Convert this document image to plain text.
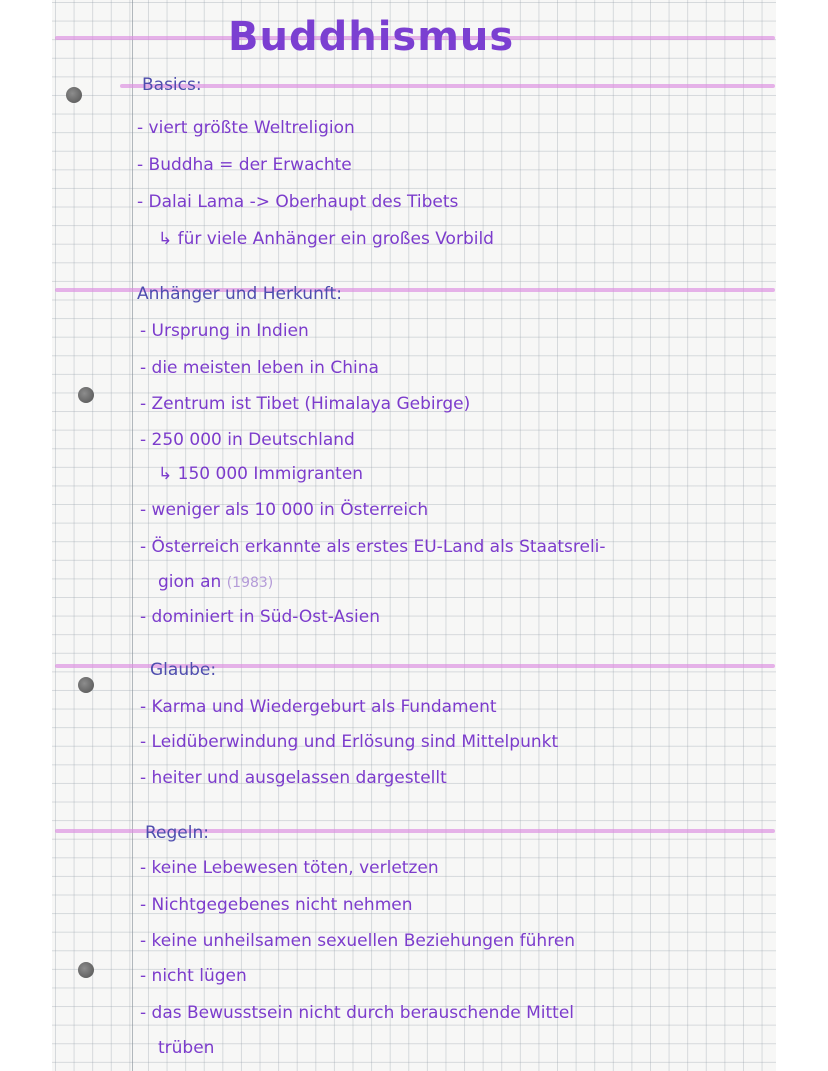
Buddhismus
Basics:
- viert größte Weltreligion
- Buddha = der Erwachte
- Dalai Lama -> Oberhaupt des Tibets
↳ für viele Anhänger ein großes Vorbild
Anhänger und Herkunft:
- Ursprung in Indien
- die meisten leben in China
- Zentrum ist Tibet (Himalaya Gebirge)
- 250 000 in Deutschland
↳ 150 000 Immigranten
- weniger als 10 000 in Österreich
- Österreich erkannte als erstes EU-Land als Staatsreli-
gion an (1983)
- dominiert in Süd-Ost-Asien
Glaube:
- Karma und Wiedergeburt als Fundament
- Leidüberwindung und Erlösung sind Mittelpunkt
- heiter und ausgelassen dargestellt
Regeln:
- keine Lebewesen töten, verletzen
- Nichtgegebenes nicht nehmen
- keine unheilsamen sexuellen Beziehungen führen
- nicht lügen
- das Bewusstsein nicht durch berauschende Mittel
trüben
